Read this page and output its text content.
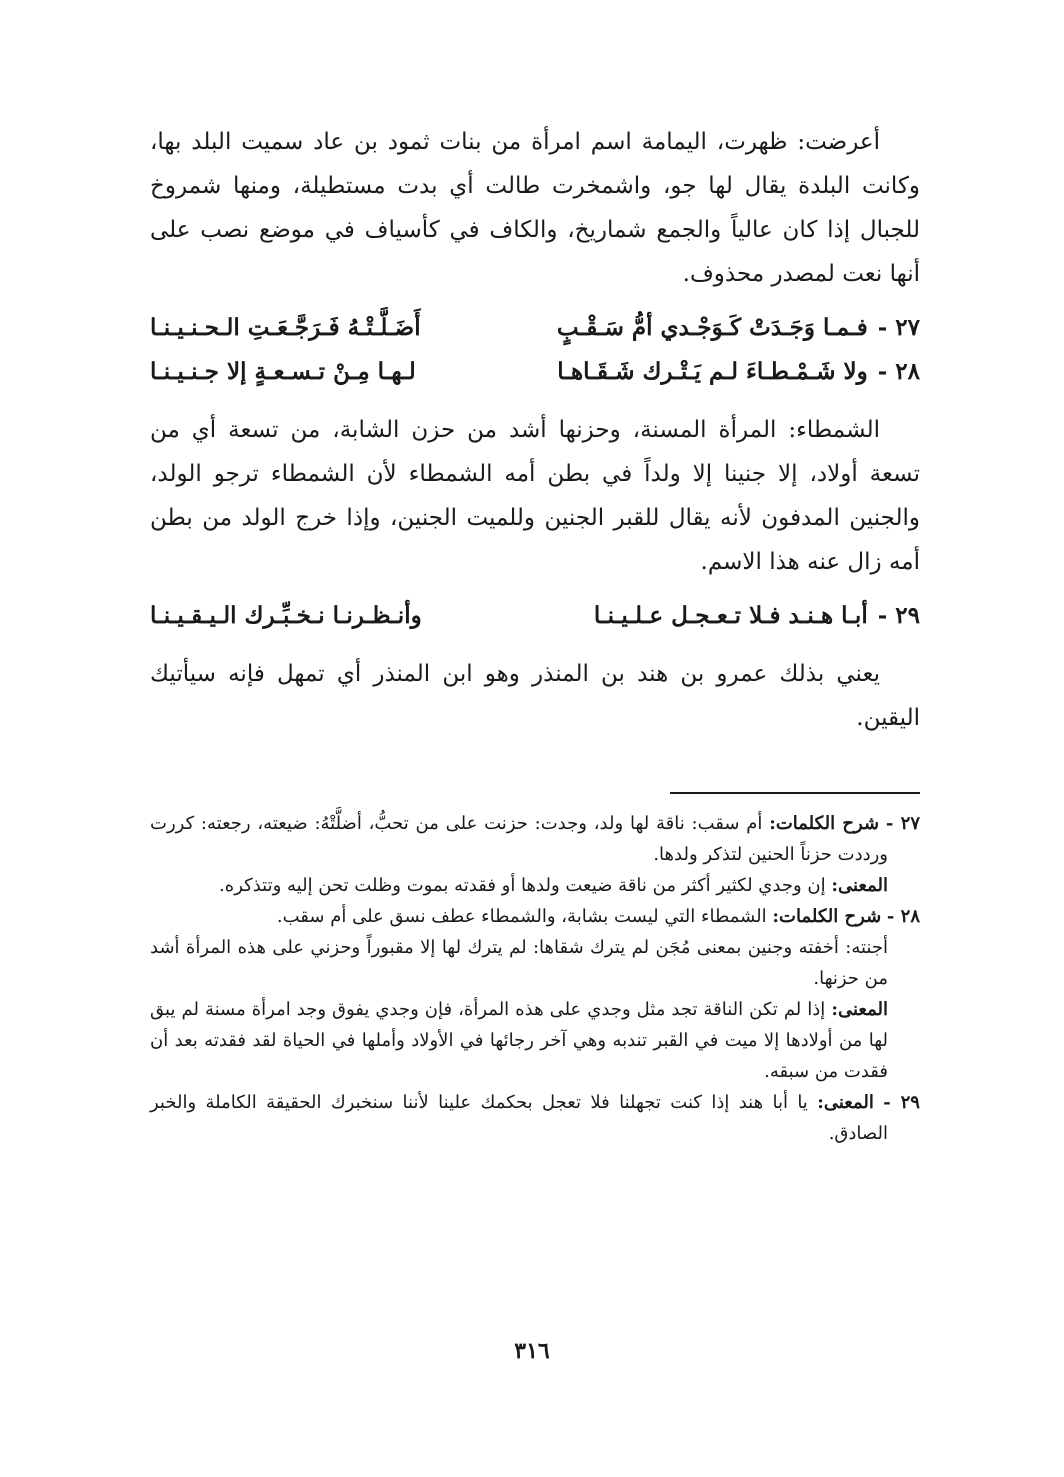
أعرضت: ظهرت، اليمامة اسم امرأة من بنات ثمود بن عاد سميت البلد بها، وكانت البلدة يقال لها جو، واشمخرت طالت أي بدت مستطيلة، ومنها شمروخ للجبال إذا كان عالياً والجمع شماريخ، والكاف في كأسياف في موضع نصب على أنها نعت لمصدر محذوف.

٢٧ -
فـمـا وَجَـدَتْ كَـوَجْـدي أمُّ سَـقْـبٍ
أَضَـلَّـتْـهُ فَـرَجَّـعَـتِ الـحـنـيـنـا
٢٨ -
ولا شَـمْـطـاءَ لـم يَـتْـرك شَـقَـاهـا
لـهـا مِـنْ تـسـعـةٍ إلا جـنـيـنـا

الشمطاء: المرأة المسنة، وحزنها أشد من حزن الشابة، من تسعة أي من تسعة أولاد، إلا جنينا إلا ولداً في بطن أمه الشمطاء لأن الشمطاء ترجو الولد، والجنين المدفون لأنه يقال للقبر الجنين وللميت الجنين، وإذا خرج الولد من بطن أمه زال عنه هذا الاسم.

٢٩ -
أبـا هـنـد فـلا تـعـجـل عـلـيـنـا
وأنـظـرنـا نـخـبِّـرك الـيـقـيـنـا

يعني بذلك عمرو بن هند بن المنذر وهو ابن المنذر أي تمهل فإنه سيأتيك اليقين.

٢٧ - شرح الكلمات: أم سقب: ناقة لها ولد، وجدت: حزنت على من تحبُّ، أضلَّتْهُ: ضيعته، رجعته: كررت ورددت حزناً الحنين لتذكر ولدها.

المعنى: إن وجدي لكثير أكثر من ناقة ضيعت ولدها أو فقدته بموت وظلت تحن إليه وتتذكره.

٢٨ - شرح الكلمات: الشمطاء التي ليست بشابة، والشمطاء عطف نسق على أم سقب.

أجنته: أخفته وجنين بمعنى مُجَن لم يترك شقاها: لم يترك لها إلا مقبوراً وحزني على هذه المرأة أشد من حزنها.

المعنى: إذا لم تكن الناقة تجد مثل وجدي على هذه المرأة، فإن وجدي يفوق وجد امرأة مسنة لم يبق لها من أولادها إلا ميت في القبر تندبه وهي آخر رجائها في الأولاد وأملها في الحياة لقد فقدته بعد أن فقدت من سبقه.

٢٩ - المعنى: يا أبا هند إذا كنت تجهلنا فلا تعجل بحكمك علينا لأننا سنخبرك الحقيقة الكاملة والخبر الصادق.

٣١٦
